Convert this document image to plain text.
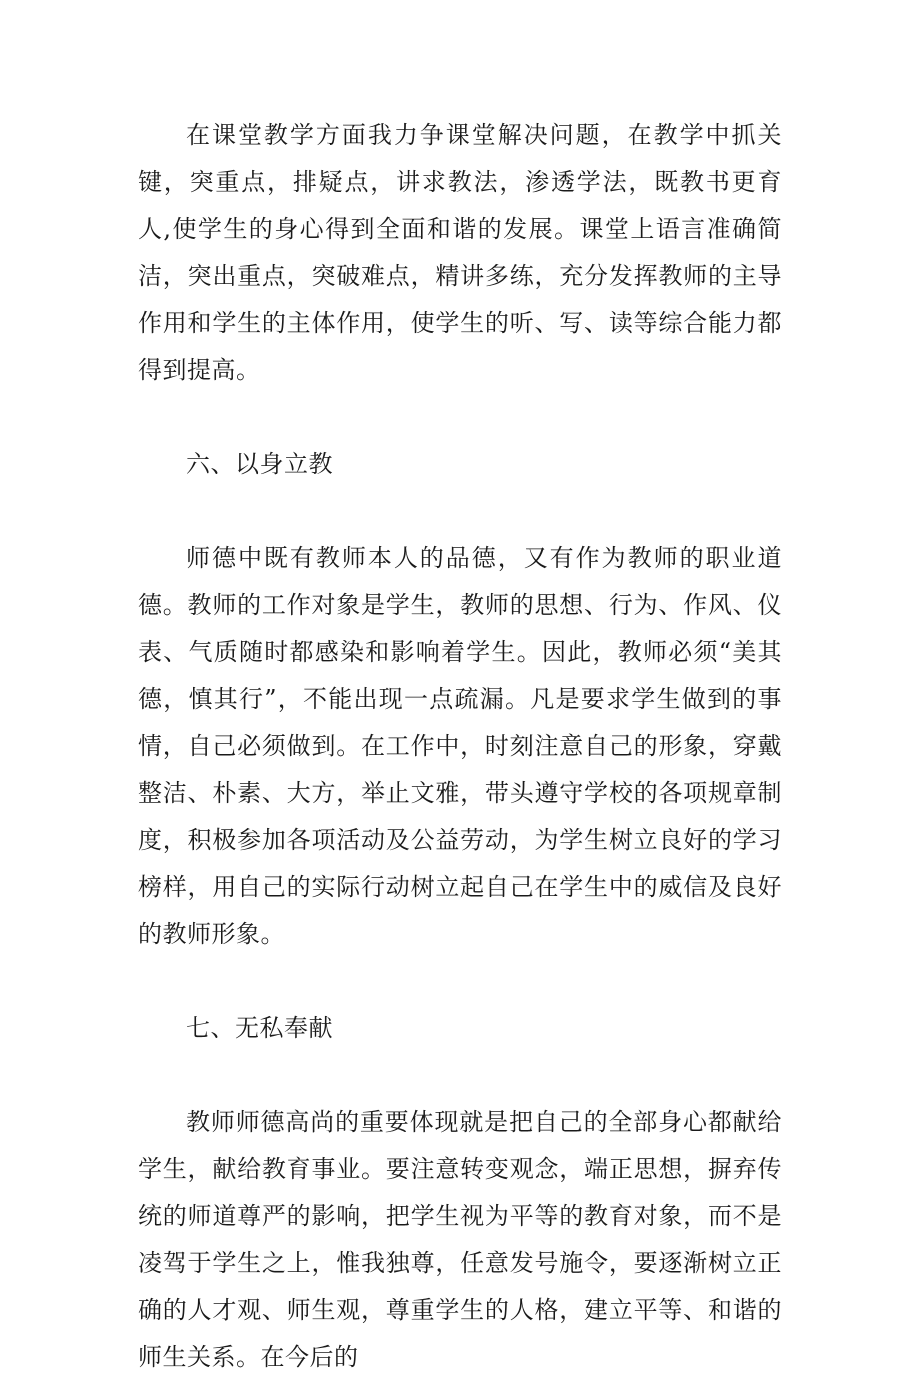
在课堂教学方面我力争课堂解决问题，在教学中抓关键，突重点，排疑点，讲求教法，渗透学法，既教书更育人,使学生的身心得到全面和谐的发展。课堂上语言准确简洁，突出重点，突破难点，精讲多练，充分发挥教师的主导作用和学生的主体作用，使学生的听、写、读等综合能力都得到提高。

六、以身立教

师德中既有教师本人的品德，又有作为教师的职业道德。教师的工作对象是学生，教师的思想、行为、作风、仪表、气质随时都感染和影响着学生。因此，教师必须“美其德，慎其行”，不能出现一点疏漏。凡是要求学生做到的事情，自己必须做到。在工作中，时刻注意自己的形象，穿戴整洁、朴素、大方，举止文雅，带头遵守学校的各项规章制度，积极参加各项活动及公益劳动，为学生树立良好的学习榜样，用自己的实际行动树立起自己在学生中的威信及良好的教师形象。

七、无私奉献

教师师德高尚的重要体现就是把自己的全部身心都献给学生，献给教育事业。要注意转变观念，端正思想，摒弃传统的师道尊严的影响，把学生视为平等的教育对象，而不是凌驾于学生之上，惟我独尊，任意发号施令，要逐渐树立正确的人才观、师生观，尊重学生的人格，建立平等、和谐的师生关系。在今后的
